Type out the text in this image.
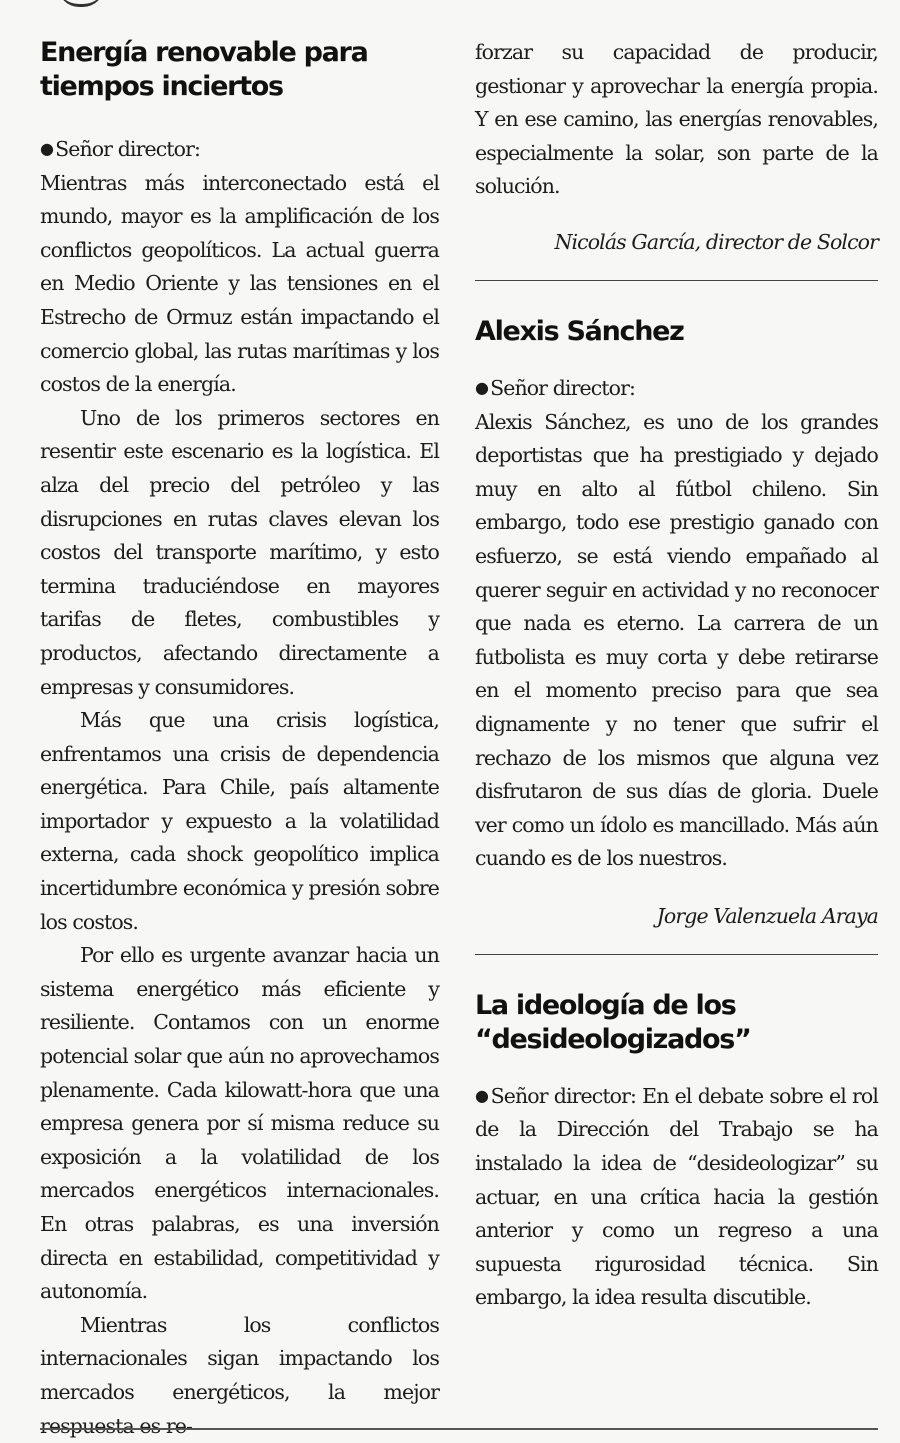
Energía renovable para tiempos inciertos

●Señor director:

Mientras más interconectado está el mundo, mayor es la amplificación de los conflictos geopolíticos. La actual guerra en Medio Oriente y las tensiones en el Estrecho de Ormuz están impactando el comercio global, las rutas marítimas y los costos de la energía.

Uno de los primeros sectores en resentir este escenario es la logística. El alza del precio del petróleo y las disrupciones en rutas claves elevan los costos del transporte marítimo, y esto termina traduciéndose en mayores tarifas de fletes, combustibles y productos, afectando directamente a empresas y consumidores.

Más que una crisis logística, enfrentamos una crisis de dependencia energética. Para Chile, país altamente importador y expuesto a la volatilidad externa, cada shock geopolítico implica incertidumbre económica y presión sobre los costos.

Por ello es urgente avanzar hacia un sistema energético más eficiente y resiliente. Contamos con un enorme potencial solar que aún no aprovechamos plenamente. Cada kilowatt-hora que una empresa genera por sí misma reduce su exposición a la volatilidad de los mercados energéticos internacionales. En otras palabras, es una inversión directa en estabilidad, competitividad y autonomía.

Mientras los conflictos internacionales sigan impactando los mercados energéticos, la mejor respuesta es re-

forzar su capacidad de producir, gestionar y aprovechar la energía propia. Y en ese camino, las energías renovables, especialmente la solar, son parte de la solución.

Nicolás García, director de Solcor

Alexis Sánchez

●Señor director:

Alexis Sánchez, es uno de los grandes deportistas que ha prestigiado y dejado muy en alto al fútbol chileno. Sin embargo, todo ese prestigio ganado con esfuerzo, se está viendo empañado al querer seguir en actividad y no reconocer que nada es eterno. La carrera de un futbolista es muy corta y debe retirarse en el momento preciso para que sea dignamente y no tener que sufrir el rechazo de los mismos que alguna vez disfrutaron de sus días de gloria. Duele ver como un ídolo es mancillado. Más aún cuando es de los nuestros.

Jorge Valenzuela Araya

La ideología de los “desideologizados”

●Señor director: En el debate sobre el rol de la Dirección del Trabajo se ha instalado la idea de “desideologizar” su actuar, en una crítica hacia la gestión anterior y como un regreso a una supuesta rigurosidad técnica. Sin embargo, la idea resulta discutible.
